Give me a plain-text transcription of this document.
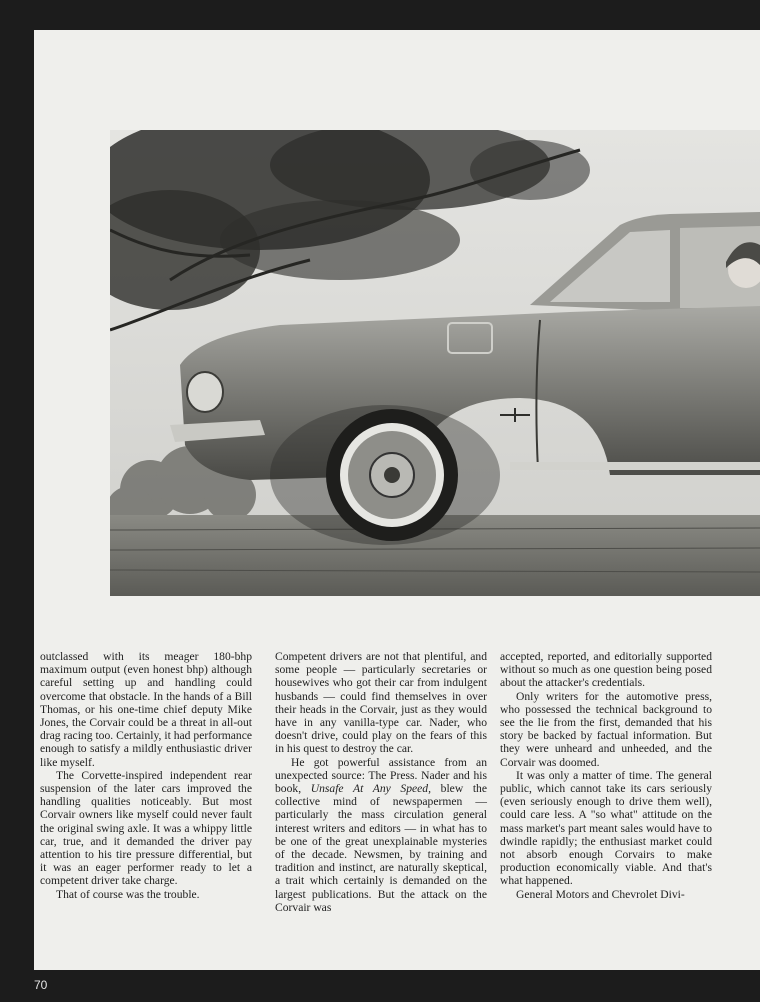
outclassed with its meager 180-bhp maximum output (even honest bhp) although careful setting up and handling could overcome that obstacle. In the hands of a Bill Thomas, or his one-time chief deputy Mike Jones, the Corvair could be a threat in all-out drag racing too. Certainly, it had performance enough to satisfy a mildly enthusiastic driver like myself.

The Corvette-inspired independent rear suspension of the later cars improved the handling qualities noticeably. But most Corvair owners like myself could never fault the original swing axle. It was a whippy little car, true, and it demanded the driver pay attention to his tire pressure differential, but it was an eager performer ready to let a competent driver take charge.

That of course was the trouble.

Competent drivers are not that plentiful, and some people — particularly secretaries or housewives who got their car from indulgent husbands — could find themselves in over their heads in the Corvair, just as they would have in any vanilla-type car. Nader, who doesn't drive, could play on the fears of this in his quest to destroy the car.

He got powerful assistance from an unexpected source: The Press. Nader and his book, Unsafe At Any Speed, blew the collective mind of newspapermen — particularly the mass circulation general interest writers and editors — in what has to be one of the great unexplainable mysteries of the decade. Newsmen, by training and tradition and instinct, are naturally skeptical, a trait which certainly is demanded on the largest publications. But the attack on the Corvair was

accepted, reported, and editorially supported without so much as one question being posed about the attacker's credentials.

Only writers for the automotive press, who possessed the technical background to see the lie from the first, demanded that his story be backed by factual information. But they were unheard and unheeded, and the Corvair was doomed.

It was only a matter of time. The general public, which cannot take its cars seriously (even seriously enough to drive them well), could care less. A "so what" attitude on the mass market's part meant sales would have to dwindle rapidly; the enthusiast market could not absorb enough Corvairs to make production economically viable. And that's what happened.

General Motors and Chevrolet Divi-

70
